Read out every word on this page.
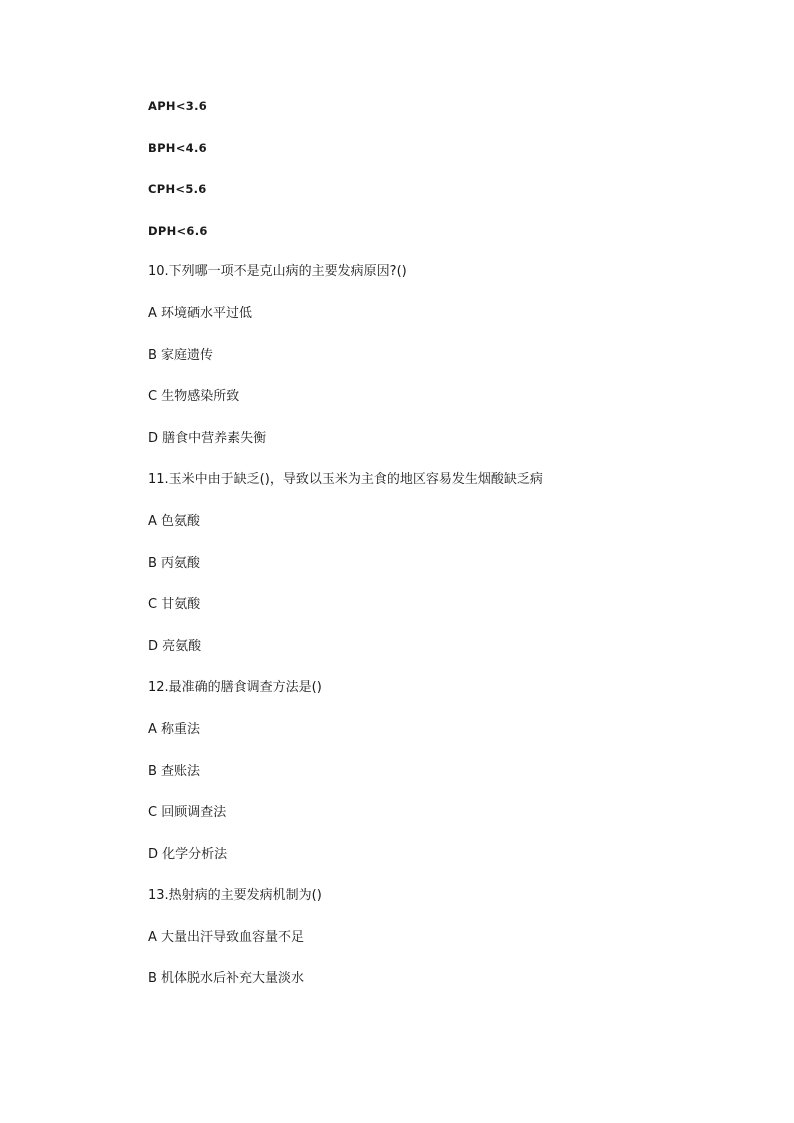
APH<3.6
BPH<4.6
CPH<5.6
DPH<6.6
10.下列哪一项不是克山病的主要发病原因?()
A 环境硒水平过低
B 家庭遗传
C 生物感染所致
D 膳食中营养素失衡
11.玉米中由于缺乏()，导致以玉米为主食的地区容易发生烟酸缺乏病
A 色氨酸
B 丙氨酸
C 甘氨酸
D 亮氨酸
12.最准确的膳食调查方法是()
A 称重法
B 查账法
C 回顾调查法
D 化学分析法
13.热射病的主要发病机制为()
A 大量出汗导致血容量不足
B 机体脱水后补充大量淡水
